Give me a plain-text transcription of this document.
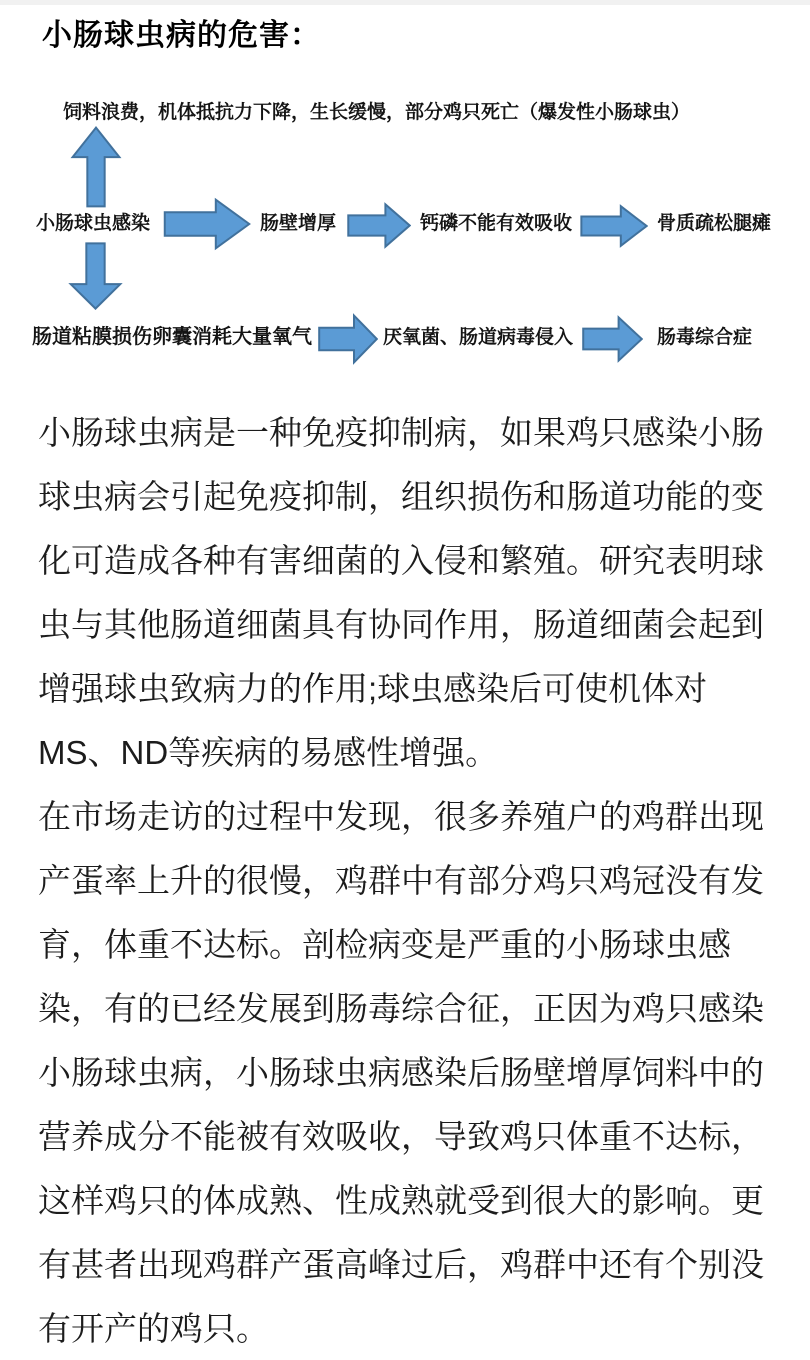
小肠球虫病的危害：
饲料浪费，机体抵抗力下降，生长缓慢，部分鸡只死亡（爆发性小肠球虫）
小肠球虫感染	肠壁增厚	钙磷不能有效吸收	骨质疏松腿瘫
肠道粘膜损伤卵囊消耗大量氧气	厌氧菌、肠道病毒侵入	肠毒综合症
小肠球虫病是一种免疫抑制病，如果鸡只感染小肠
球虫病会引起免疫抑制，组织损伤和肠道功能的变
化可造成各种有害细菌的入侵和繁殖。研究表明球
虫与其他肠道细菌具有协同作用，肠道细菌会起到
增强球虫致病力的作用;球虫感染后可使机体对
MS、ND等疾病的易感性增强。
在市场走访的过程中发现，很多养殖户的鸡群出现
产蛋率上升的很慢，鸡群中有部分鸡只鸡冠没有发
育，体重不达标。剖检病变是严重的小肠球虫感
染，有的已经发展到肠毒综合征，正因为鸡只感染
小肠球虫病，小肠球虫病感染后肠壁增厚饲料中的
营养成分不能被有效吸收，导致鸡只体重不达标，
这样鸡只的体成熟、性成熟就受到很大的影响。更
有甚者出现鸡群产蛋高峰过后，鸡群中还有个别没
有开产的鸡只。
